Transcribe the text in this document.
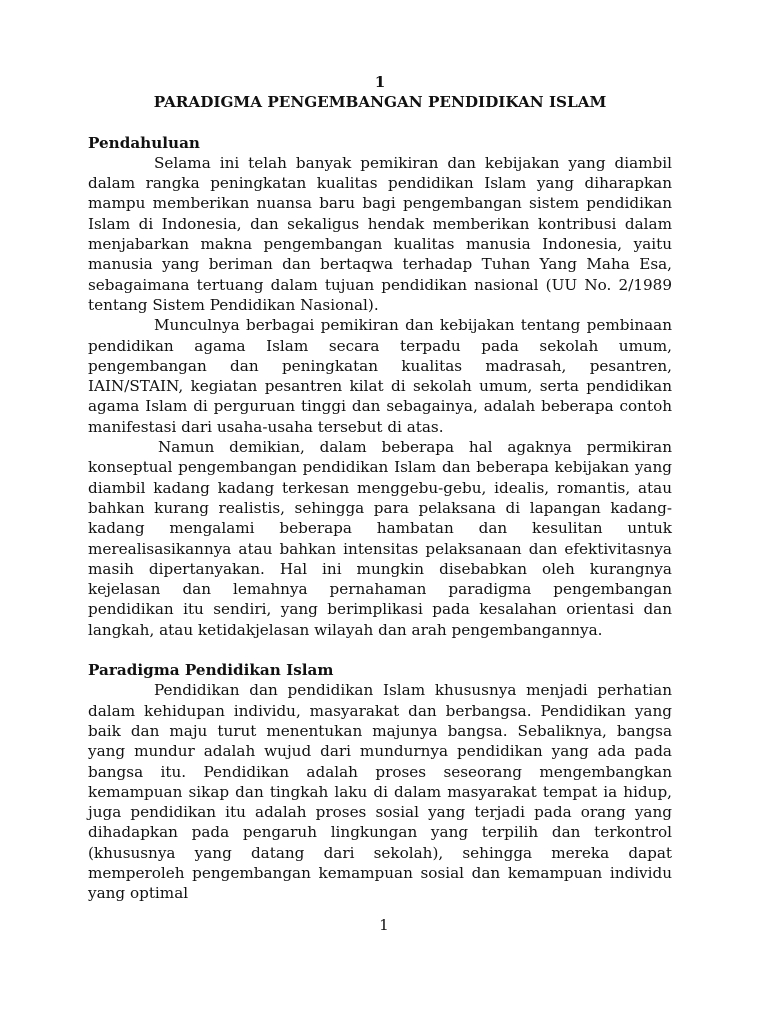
1

PARADIGMA PENGEMBANGAN PENDIDIKAN ISLAM

Pendahuluan

Selama ini telah banyak pemikiran dan kebijakan yang diambil dalam rangka peningkatan kualitas pendidikan Islam yang diharapkan mampu memberikan nuansa baru bagi pengembangan sistem pendidikan Islam di Indonesia, dan sekaligus hendak memberikan kontribusi dalam menjabarkan makna pengembangan kualitas manusia Indonesia, yaitu manusia yang beriman dan bertaqwa terhadap Tuhan Yang Maha Esa, sebagaimana tertuang dalam tujuan pendidikan nasional (UU No. 2/1989 tentang Sistem Pendidikan Nasional).

Munculnya berbagai pemikiran dan kebijakan tentang pembinaan pendidikan agama Islam secara terpadu pada sekolah umum, pengembangan dan peningkatan kualitas madrasah, pesantren, IAIN/STAIN, kegiatan pesantren kilat di sekolah umum, serta pendidikan agama Islam di perguruan tinggi dan sebagainya, adalah beberapa contoh manifestasi dari usaha-usaha tersebut di atas.

Namun demikian, dalam beberapa hal agaknya permikiran konseptual pengembangan pendidikan Islam dan beberapa kebijakan yang diambil kadang kadang terkesan menggebu-gebu, idealis, romantis, atau bahkan kurang realistis, sehingga para pelaksana di lapangan kadang-kadang mengalami beberapa hambatan dan kesulitan untuk merealisasikannya atau bahkan intensitas pelaksanaan dan efektivitasnya masih dipertanyakan. Hal ini mungkin disebabkan oleh kurangnya kejelasan dan lemahnya pernahaman paradigma pengembangan pendidikan itu sendiri, yang berimplikasi pada kesalahan orientasi dan langkah, atau ketidakjelasan wilayah dan arah pengembangannya.

Paradigma Pendidikan Islam

Pendidikan dan pendidikan Islam khususnya menjadi perhatian dalam kehidupan individu, masyarakat dan berbangsa. Pendidikan yang baik dan maju turut menentukan majunya bangsa. Sebaliknya, bangsa yang mundur adalah wujud dari mundurnya pendidikan yang ada pada bangsa itu. Pendidikan adalah proses seseorang mengembangkan kemampuan sikap dan tingkah laku di dalam masyarakat tempat ia hidup, juga pendidikan itu adalah proses sosial yang terjadi pada orang yang dihadapkan pada pengaruh lingkungan yang terpilih dan terkontrol (khususnya yang datang dari sekolah), sehingga mereka dapat memperoleh pengembangan kemampuan sosial dan kemampuan individu yang optimal

1
